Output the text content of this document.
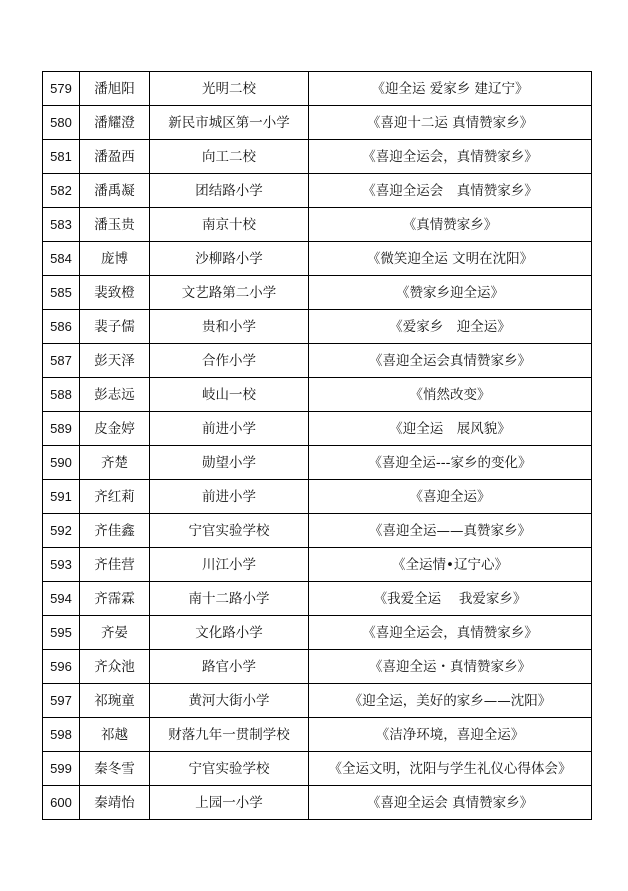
579	潘旭阳	光明二校	《迎全运 爱家乡 建辽宁》
580	潘耀澄	新民市城区第一小学	《喜迎十二运 真情赞家乡》
581	潘盈西	向工二校	《喜迎全运会，真情赞家乡》
582	潘禹凝	团结路小学	《喜迎全运会　真情赞家乡》
583	潘玉贵	南京十校	《真情赞家乡》
584	庞博	沙柳路小学	《微笑迎全运 文明在沈阳》
585	裴致橙	文艺路第二小学	《赞家乡迎全运》
586	裴子儒	贵和小学	《爱家乡　迎全运》
587	彭天泽	合作小学	《喜迎全运会真情赞家乡》
588	彭志远	岐山一校	《悄然改变》
589	皮金婷	前进小学	《迎全运　展风貌》
590	齐楚	勋望小学	《喜迎全运---家乡的变化》
591	齐红莉	前进小学	《喜迎全运》
592	齐佳鑫	宁官实验学校	《喜迎全运——真赞家乡》
593	齐佳营	川江小学	《全运情•辽宁心》
594	齐霈霖	南十二路小学	《我爱全运　 我爱家乡》
595	齐晏	文化路小学	《喜迎全运会，真情赞家乡》
596	齐众池	路官小学	《喜迎全运・真情赞家乡》
597	祁琬童	黄河大街小学	《迎全运，美好的家乡——沈阳》
598	祁越	财落九年一贯制学校	《洁净环境，喜迎全运》
599	秦冬雪	宁官实验学校	《全运文明，沈阳与学生礼仪心得体会》
600	秦靖怡	上园一小学	《喜迎全运会 真情赞家乡》
